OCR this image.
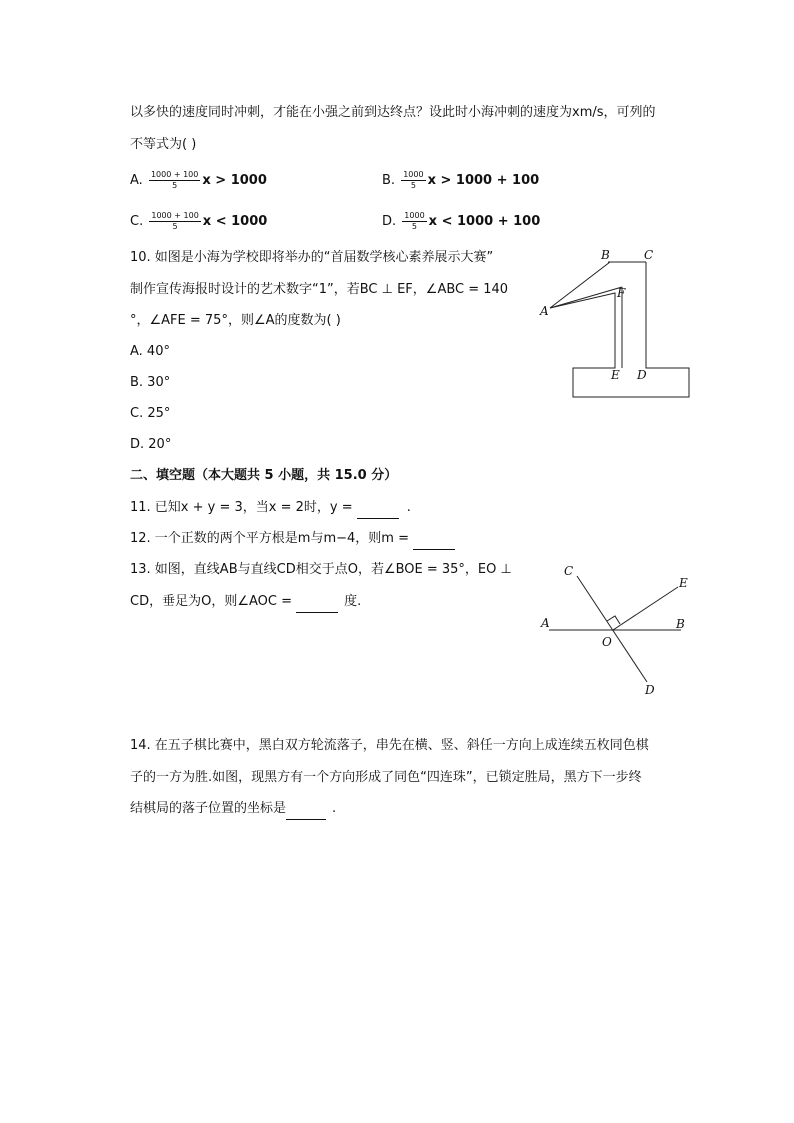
以多快的速度同时冲刺，才能在小强之前到达终点？设此时小海冲刺的速度为xm/s，可列的
不等式为( )
A. $\frac{1000 + 100}{5}$ x > 1000	B. $\frac{1000}{5}$ x > 1000 + 100
C. $\frac{1000 + 100}{5}$ x < 1000	D. $\frac{1000}{5}$ x < 1000 + 100
10. 如图是小海为学校即将举办的“首届数学核心素养展示大赛”
制作宣传海报时设计的艺术数字“1”，若BC ⊥ EF，∠ABC = 140
°，∠AFE = 75°，则∠A的度数为( )
A. 40°
B. 30°
C. 25°
D. 20°
B	C
A
F
E D
二、填空题（本大题共 5 小题，共 15.0 分）
11. 已知x + y = 3，当x = 2时，y =	.
12. 一个正数的两个平方根是m与m−4，则m =
13. 如图，直线AB与直线CD相交于点O，若∠BOE = 35°，EO ⊥
CD，垂足为O，则∠AOC =	度.
C
E
A	B
O
D
14. 在五子棋比赛中，黑白双方轮流落子，串先在横、竖、斜任一方向上成连续五枚同色棋
子的一方为胜.如图，现黑方有一个方向形成了同色“四连珠”，已锁定胜局，黑方下一步终
结棋局的落子位置的坐标是	.
